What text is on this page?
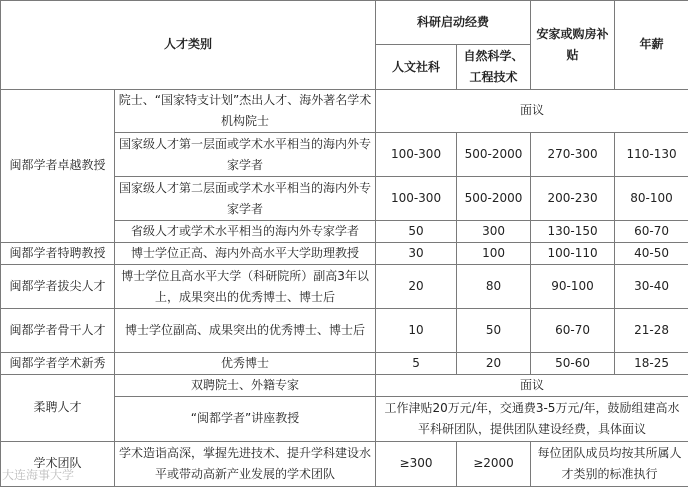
人才类别		科研启动经费		安家或购房补贴	年薪
		人文社科	自然科学、工程技术		
闽都学者卓越教授	院士、“国家特支计划”杰出人才、海外著名学术机构院士	面议			
	国家级人才第一层面或学术水平相当的海内外专家学者	100-300	500-2000	270-300	110-130
	国家级人才第二层面或学术水平相当的海内外专家学者	100-300	500-2000	200-230	80-100
	省级人才或学术水平相当的海内外专家学者	50	300	130-150	60-70
闽都学者特聘教授	博士学位正高、海内外高水平大学助理教授	30	100	100-110	40-50
闽都学者拔尖人才	博士学位且高水平大学（科研院所）副高3年以上，成果突出的优秀博士、博士后	20	80	90-100	30-40
闽都学者骨干人才	博士学位副高、成果突出的优秀博士、博士后	10	50	60-70	21-28
闽都学者学术新秀	优秀博士	5	20	50-60	18-25
柔聘人才	双聘院士、外籍专家	面议			
	“闽都学者”讲座教授	工作津贴20万元/年，交通费3-5万元/年，鼓励组建高水平科研团队，提供团队建设经费，具体面议			
学术团队	学术造诣高深，掌握先进技术、提升学科建设水平或带动高新产业发展的学术团队	≥300	≥2000	每位团队成员均按其所属人才类别的标准执行	
大连海事大学
